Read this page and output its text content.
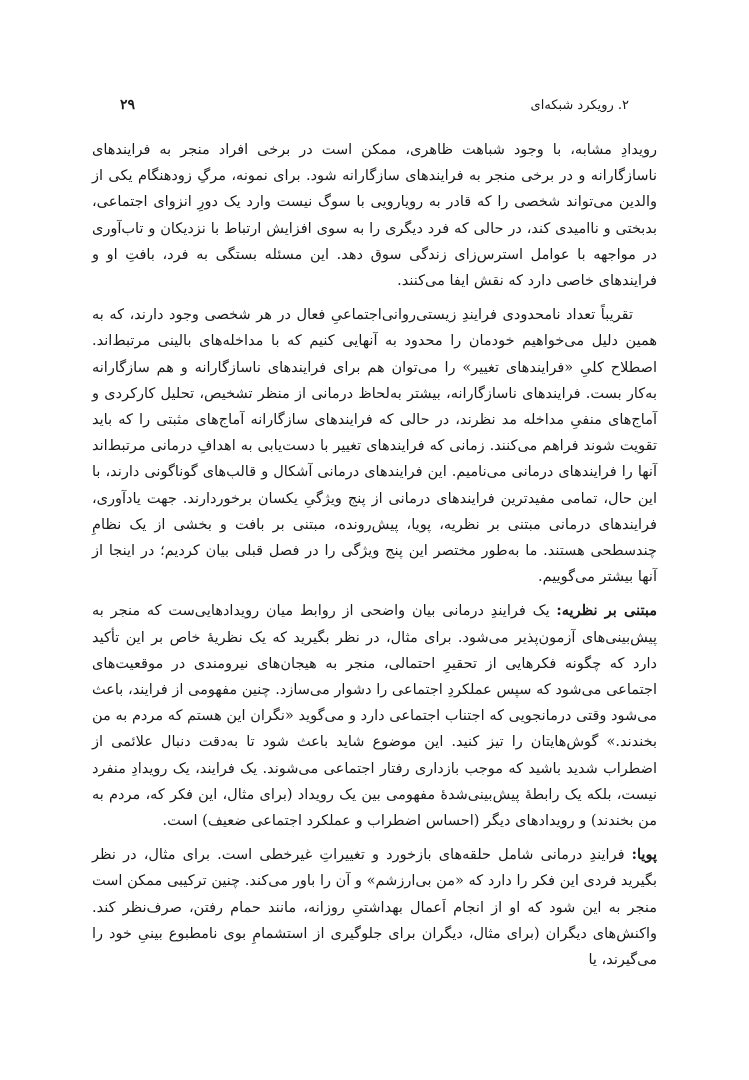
۲. رویکرد شبکه‌ای
۲۹

رویدادِ مشابه، با وجود شباهت ظاهری، ممکن است در برخی افراد منجر به فرایندهای ناسازگارانه و در برخی منجر به فرایندهای سازگارانه شود. برای نمونه، مرگِ زودهنگام یکی از والدین می‌تواند شخصی را که قادر به رویارویی با سوگ نیست وارد یک دورِ انزوای اجتماعی، بدبختی و ناامیدی کند، در حالی که فرد دیگری را به سوی افزایش ارتباط با نزدیکان و تاب‌آوری در مواجهه با عوامل استرس‌زای زندگی سوق دهد. این مسئله بستگی به فرد، بافتِ او و فرایندهای خاصی دارد که نقش ایفا می‌کنند.

تقریباً تعداد نامحدودی فرایندِ زیستی‌روانی‌اجتماعیِ فعال در هر شخصی وجود دارند، که به همین دلیل می‌خواهیم خودمان را محدود به آنهایی کنیم که با مداخله‌های بالینی مرتبط‌اند. اصطلاح کلیِ «فرایندهای تغییر» را می‌توان هم برای فرایندهای ناسازگارانه و هم سازگارانه به‌کار بست. فرایندهای ناسازگارانه، بیشتر به‌لحاظ درمانی از منظر تشخیص، تحلیل کارکردی و آماج‌های منفیِ مداخله مد نظرند، در حالی که فرایندهای سازگارانه آماج‌های مثبتی را که باید تقویت شوند فراهم می‌کنند. زمانی که فرایندهای تغییر با دست‌یابی به اهدافِ درمانی مرتبط‌اند آنها را فرایندهای درمانی می‌نامیم. این فرایندهای درمانی آشکال و قالب‌های گوناگونی دارند، با این حال، تمامی مفیدترین فرایندهای درمانی از پنج ویژگیِ یکسان برخوردارند. جهت یادآوری، فرایندهای درمانی مبتنی بر نظریه، پویا، پیش‌رونده، مبتنی بر بافت و بخشی از یک نظامِ چندسطحی هستند. ما به‌طور مختصر این پنج ویژگی را در فصل قبلی بیان کردیم؛ در اینجا از آنها بیشتر می‌گوییم.

مبتنی بر نظریه: یک فرایندِ درمانی بیان واضحی از روابط میان رویدادهایی‌ست که منجر به پیش‌بینی‌های آزمون‌پذیر می‌شود. برای مثال، در نظر بگیرید که یک نظریهٔ خاص بر این تأکید دارد که چگونه فکرهایی از تحقیرِ احتمالی، منجر به هیجان‌های نیرومندی در موقعیت‌های اجتماعی می‌شود که سپس عملکردِ اجتماعی را دشوار می‌سازد. چنین مفهومی از فرایند، باعث می‌شود وقتی درمانجویی که اجتناب اجتماعی دارد و می‌گوید «نگران این هستم که مردم به من بخندند.» گوش‌هایتان را تیز کنید. این موضوع شاید باعث شود تا به‌دقت دنبال علائمی از اضطراب شدید باشید که موجب بازداری رفتار اجتماعی می‌شوند. یک فرایند، یک رویدادِ منفرد نیست، بلکه یک رابطهٔ پیش‌بینی‌شدهٔ مفهومی بین یک رویداد (برای مثال، این فکر که، مردم به من بخندند) و رویدادهای دیگر (احساس اضطراب و عملکرد اجتماعی ضعیف) است.

پویا: فرایندِ درمانی شامل حلقه‌های بازخورد و تغییراتِ غیرخطی است. برای مثال، در نظر بگیرید فردی این فکر را دارد که «من بی‌ارزشم» و آن را باور می‌کند. چنین ترکیبی ممکن است منجر به این شود که او از انجام اَعمال بهداشتیِ روزانه، مانند حمام رفتن، صرف‌نظر کند. واکنش‌های دیگران (برای مثال، دیگران برای جلوگیری از استشمامِ بوی نامطبوع بینیِ خود را می‌گیرند، یا
